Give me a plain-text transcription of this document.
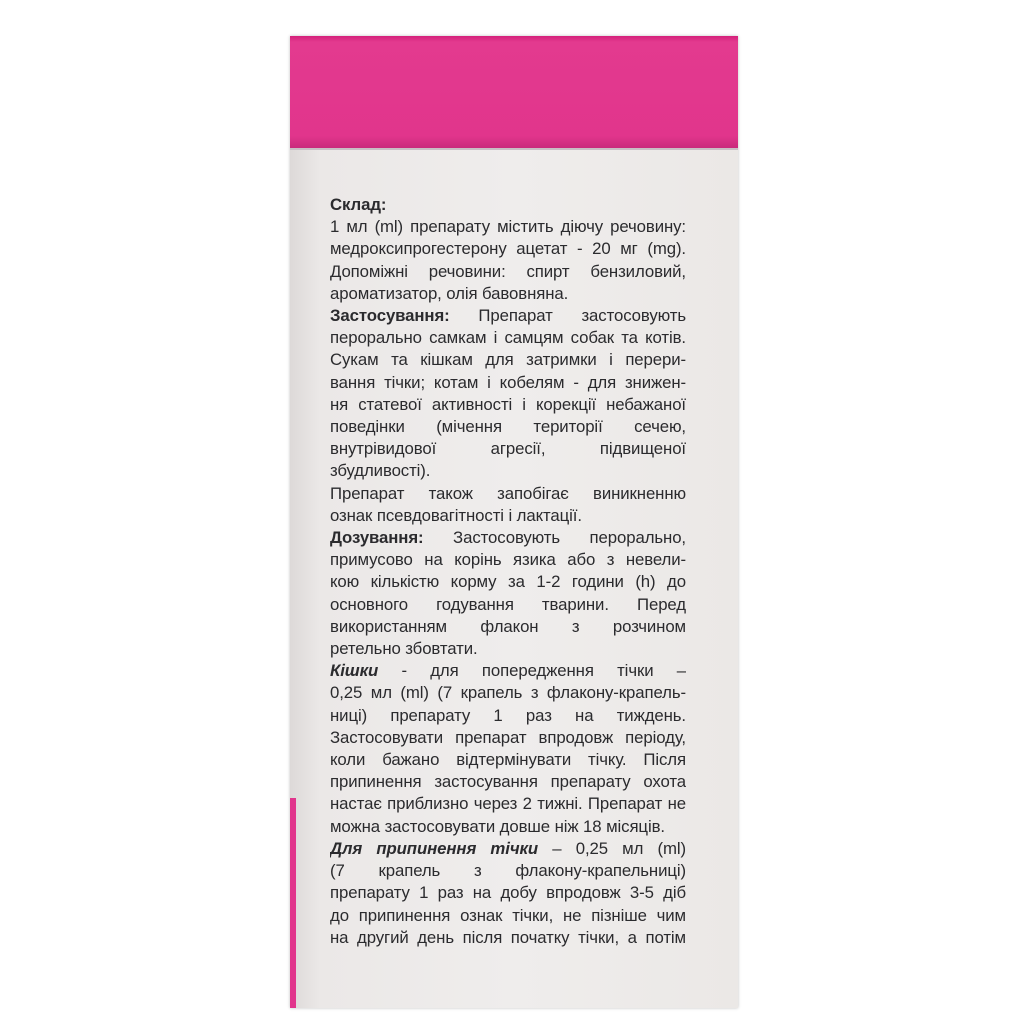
Склад:
1 мл (ml) препарату містить діючу речовину:
медроксипрогестерону ацетат - 20 мг (mg).
Допоміжні речовини: спирт бензиловий,
ароматизатор, олія бавовняна.
Застосування: Препарат застосовують
перорально самкам і самцям собак та котів.
Сукам та кішкам для затримки і перери-
вання тічки; котам і кобелям - для знижен-
ня статевої активності і корекції небажаної
поведінки (мічення території сечею,
внутрівидової агресії, підвищеної
збудливості).
Препарат також запобігає виникненню
ознак псевдовагітності і лактації.
Дозування: Застосовують перорально,
примусово на корінь язика або з невели-
кою кількістю корму за 1-2 години (h) до
основного годування тварини. Перед
використанням флакон з розчином
ретельно збовтати.
Кішки - для попередження тічки –
0,25 мл (ml) (7 крапель з флакону-крапель-
ниці) препарату 1 раз на тиждень.
Застосовувати препарат впродовж періоду,
коли бажано відтермінувати тічку. Після
припинення застосування препарату охота
настає приблизно через 2 тижні. Препарат не
можна застосовувати довше ніж 18 місяців.
Для припинення тічки – 0,25 мл (ml)
(7 крапель з флакону-крапельниці)
препарату 1 раз на добу впродовж 3-5 діб
до припинення ознак тічки, не пізніше чим
на другий день після початку тічки, а потім
